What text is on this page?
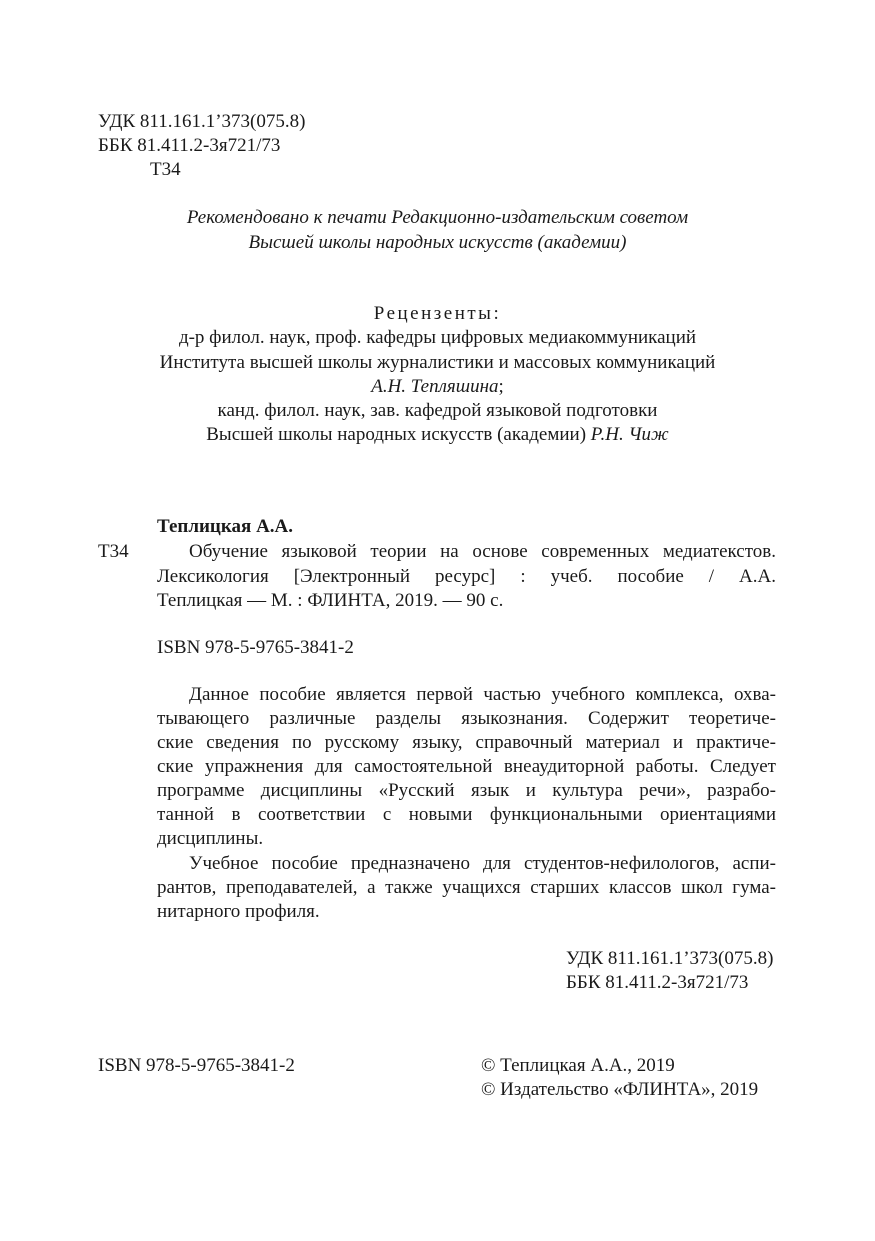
УДК 811.161.1’373(075.8)
ББК 81.411.2-3я721/73
Т34
Рекомендовано к печати Редакционно-издательским советом
Высшей школы народных искусств (академии)
Рецензенты:
д-р филол. наук, проф. кафедры цифровых медиакоммуникаций
Института высшей школы журналистики и массовых коммуникаций
А.Н. Тепляшина;
канд. филол. наук, зав. кафедрой языковой подготовки
Высшей школы народных искусств (академии) Р.Н. Чиж
Теплицкая А.А.
Т34	Обучение языковой теории на основе современных медиатекстов.
Лексикология [Электронный ресурс] : учеб. пособие / А.А.
Теплицкая — М. : ФЛИНТА, 2019. — 90 с.
ISBN 978-5-9765-3841-2
Данное пособие является первой частью учебного комплекса, охва-
тывающего различные разделы языкознания. Содержит теоретиче-
ские сведения по русскому языку, справочный материал и практиче-
ские упражнения для самостоятельной внеаудиторной работы. Следует
программе дисциплины «Русский язык и культура речи», разрабо-
танной в соответствии с новыми функциональными ориентациями
дисциплины.
Учебное пособие предназначено для студентов-нефилологов, аспи-
рантов, преподавателей, а также учащихся старших классов школ гума-
нитарного профиля.
УДК 811.161.1’373(075.8)
ББК 81.411.2-3я721/73
ISBN 978-5-9765-3841-2	© Теплицкая А.А., 2019
© Издательство «ФЛИНТА», 2019
